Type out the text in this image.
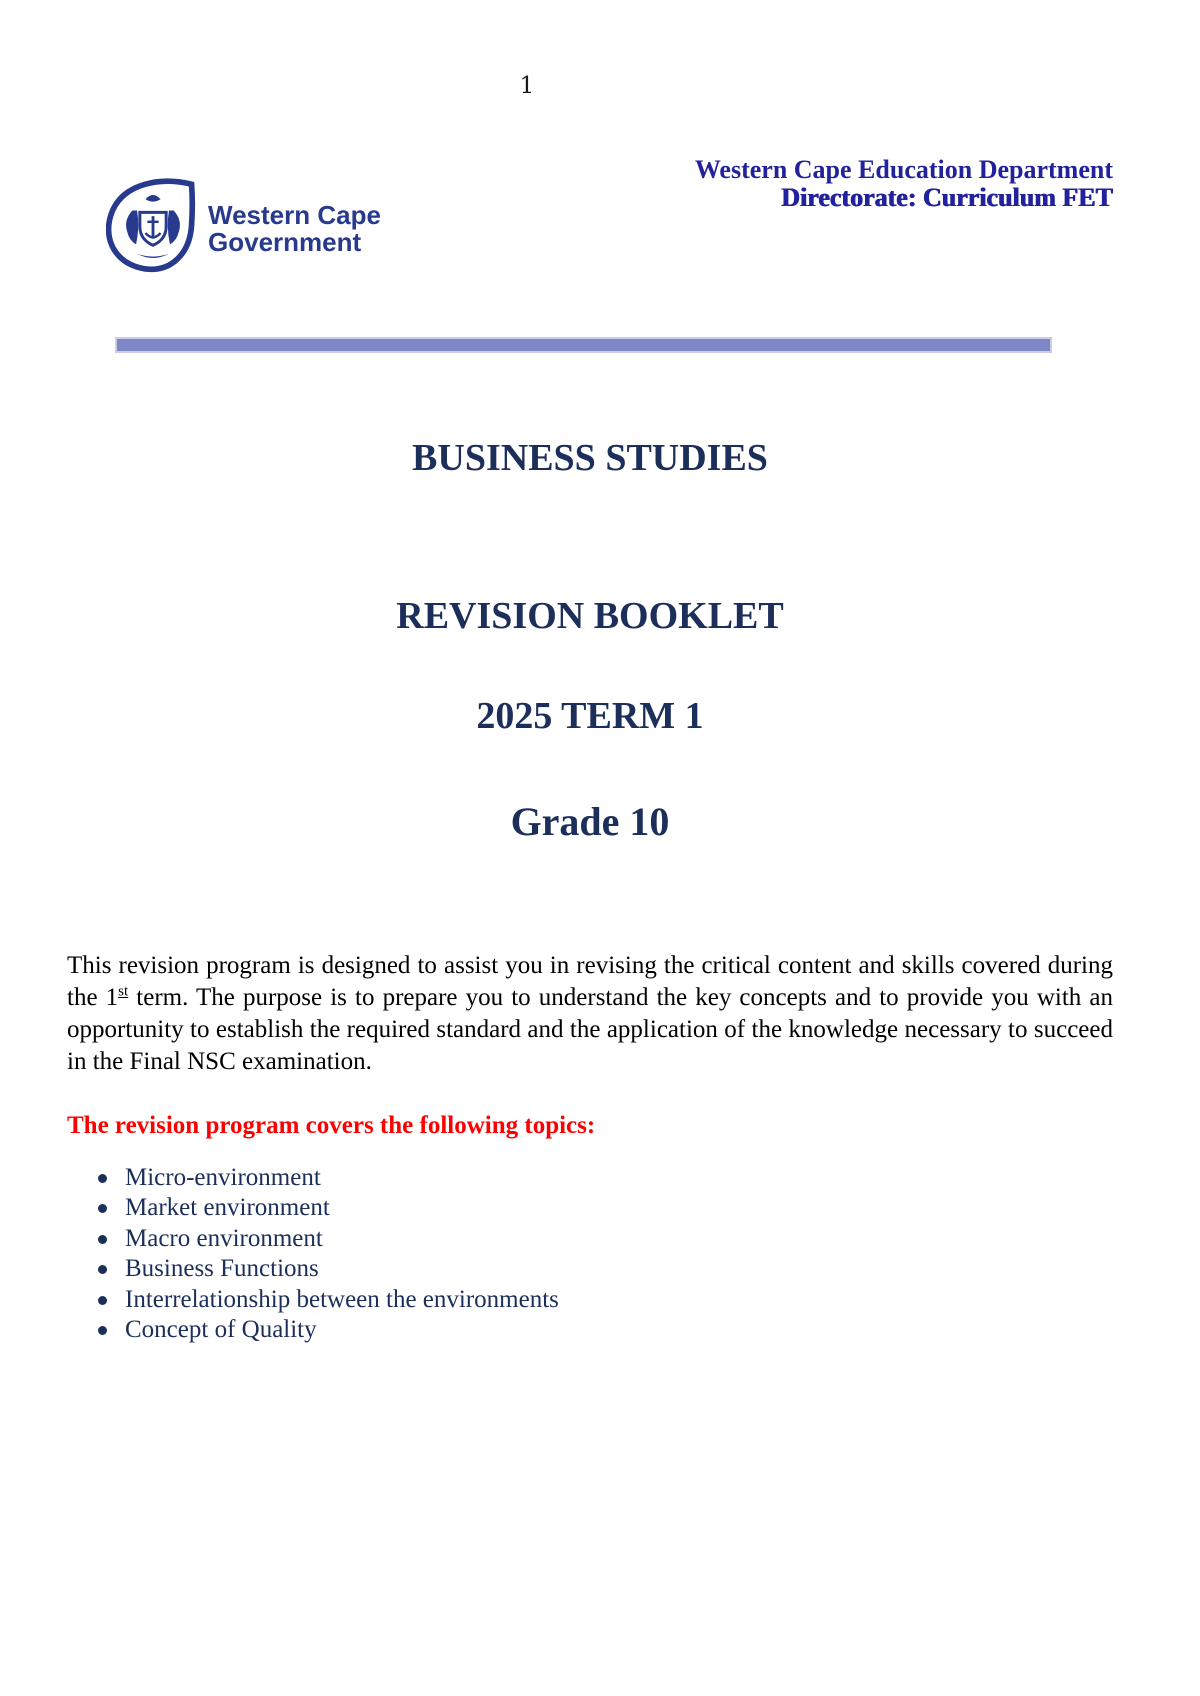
1
Western Cape
Government
Western Cape Education Department
Directorate: Curriculum FET
BUSINESS STUDIES
REVISION BOOKLET
2025 TERM 1
Grade 10

This revision program is designed to assist you in revising the critical content and skills covered during the 1st term. The purpose is to prepare you to understand the key concepts and to provide you with an opportunity to establish the required standard and the application of the knowledge necessary to succeed in the Final NSC examination.

The revision program covers the following topics:
Micro-environment
Market environment
Macro environment
Business Functions
Interrelationship between the environments
Concept of Quality
